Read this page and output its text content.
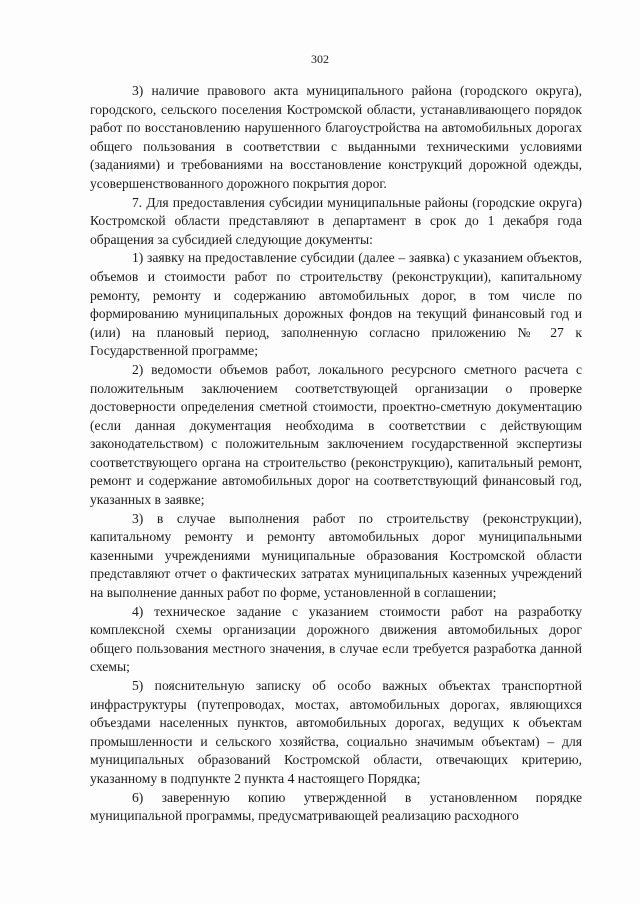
302

3) наличие правового акта муниципального района (городского округа), городского, сельского поселения Костромской области, устанавливающего порядок работ по восстановлению нарушенного благоустройства на автомобильных дорогах общего пользования в соответствии с выданными техническими условиями (заданиями) и требованиями на восстановление конструкций дорожной одежды, усовершенствованного дорожного покрытия дорог.

7. Для предоставления субсидии муниципальные районы (городские округа) Костромской области представляют в департамент в срок до 1 декабря года обращения за субсидией следующие документы:

1) заявку на предоставление субсидии (далее – заявка) с указанием объектов, объемов и стоимости работ по строительству (реконструкции), капитальному ремонту, ремонту и содержанию автомобильных дорог, в том числе по формированию муниципальных дорожных фондов на текущий финансовый год и (или) на плановый период, заполненную согласно приложению № 27 к Государственной программе;

2) ведомости объемов работ, локального ресурсного сметного расчета с положительным заключением соответствующей организации о проверке достоверности определения сметной стоимости, проектно-сметную документацию (если данная документация необходима в соответствии с действующим законодательством) с положительным заключением государственной экспертизы соответствующего органа на строительство (реконструкцию), капитальный ремонт, ремонт и содержание автомобильных дорог на соответствующий финансовый год, указанных в заявке;

3) в случае выполнения работ по строительству (реконструкции), капитальному ремонту и ремонту автомобильных дорог муниципальными казенными учреждениями муниципальные образования Костромской области представляют отчет о фактических затратах муниципальных казенных учреждений на выполнение данных работ по форме, установленной в соглашении;

4) техническое задание с указанием стоимости работ на разработку комплексной схемы организации дорожного движения автомобильных дорог общего пользования местного значения, в случае если требуется разработка данной схемы;

5) пояснительную записку об особо важных объектах транспортной инфраструктуры (путепроводах, мостах, автомобильных дорогах, являющихся объездами населенных пунктов, автомобильных дорогах, ведущих к объектам промышленности и сельского хозяйства, социально значимым объектам) – для муниципальных образований Костромской области, отвечающих критерию, указанному в подпункте 2 пункта 4 настоящего Порядка;

6) заверенную копию утвержденной в установленном порядке муниципальной программы, предусматривающей реализацию расходного
